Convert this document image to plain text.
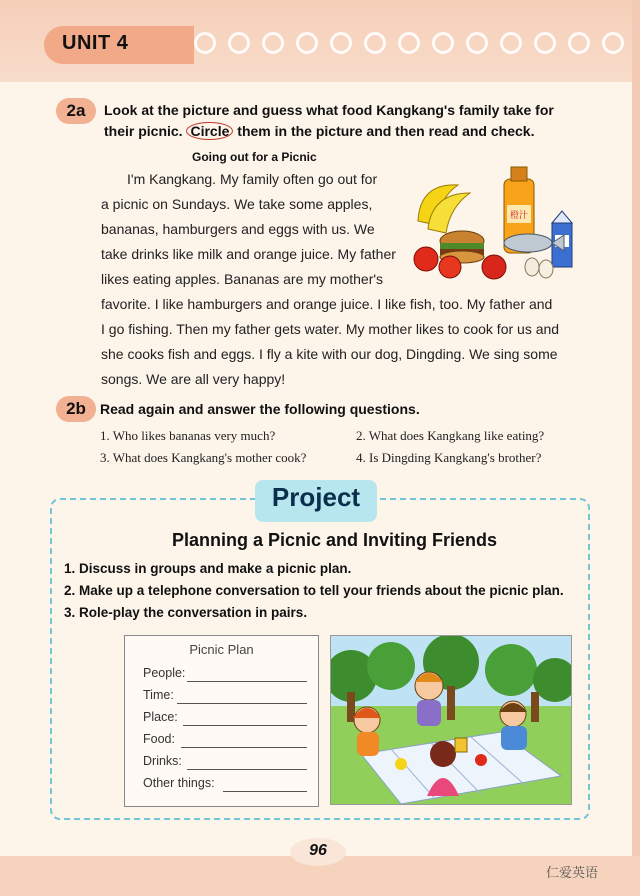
UNIT 4
2a	Look at the picture and guess what food Kangkang's family take for
their picnic. Circle them in the picture and then read and check.
Going out for a Picnic
I'm Kangkang. My family often go out for
a picnic on Sundays. We take some apples,
bananas, hamburgers and eggs with us. We
take drinks like milk and orange juice. My father
likes eating apples. Bananas are my mother's
favorite. I like hamburgers and orange juice. I like fish, too. My father and
I go fishing. Then my father gets water. My mother likes to cook for us and
she cooks fish and eggs. I fly a kite with our dog, Dingding. We sing some
songs. We are all very happy!
橙汁
2b	Read again and answer the following questions.
1. Who likes bananas very much?	2. What does Kangkang like eating?
3. What does Kangkang's mother cook?	4. Is Dingding Kangkang's brother?
Project
Planning a Picnic and Inviting Friends
1. Discuss in groups and make a picnic plan.
2. Make up a telephone conversation to tell your friends about the picnic plan.
3. Role-play the conversation in pairs.
Picnic Plan
People:
Time:
Place:
Food:
Drinks:
Other things:
96
仁爱英语
